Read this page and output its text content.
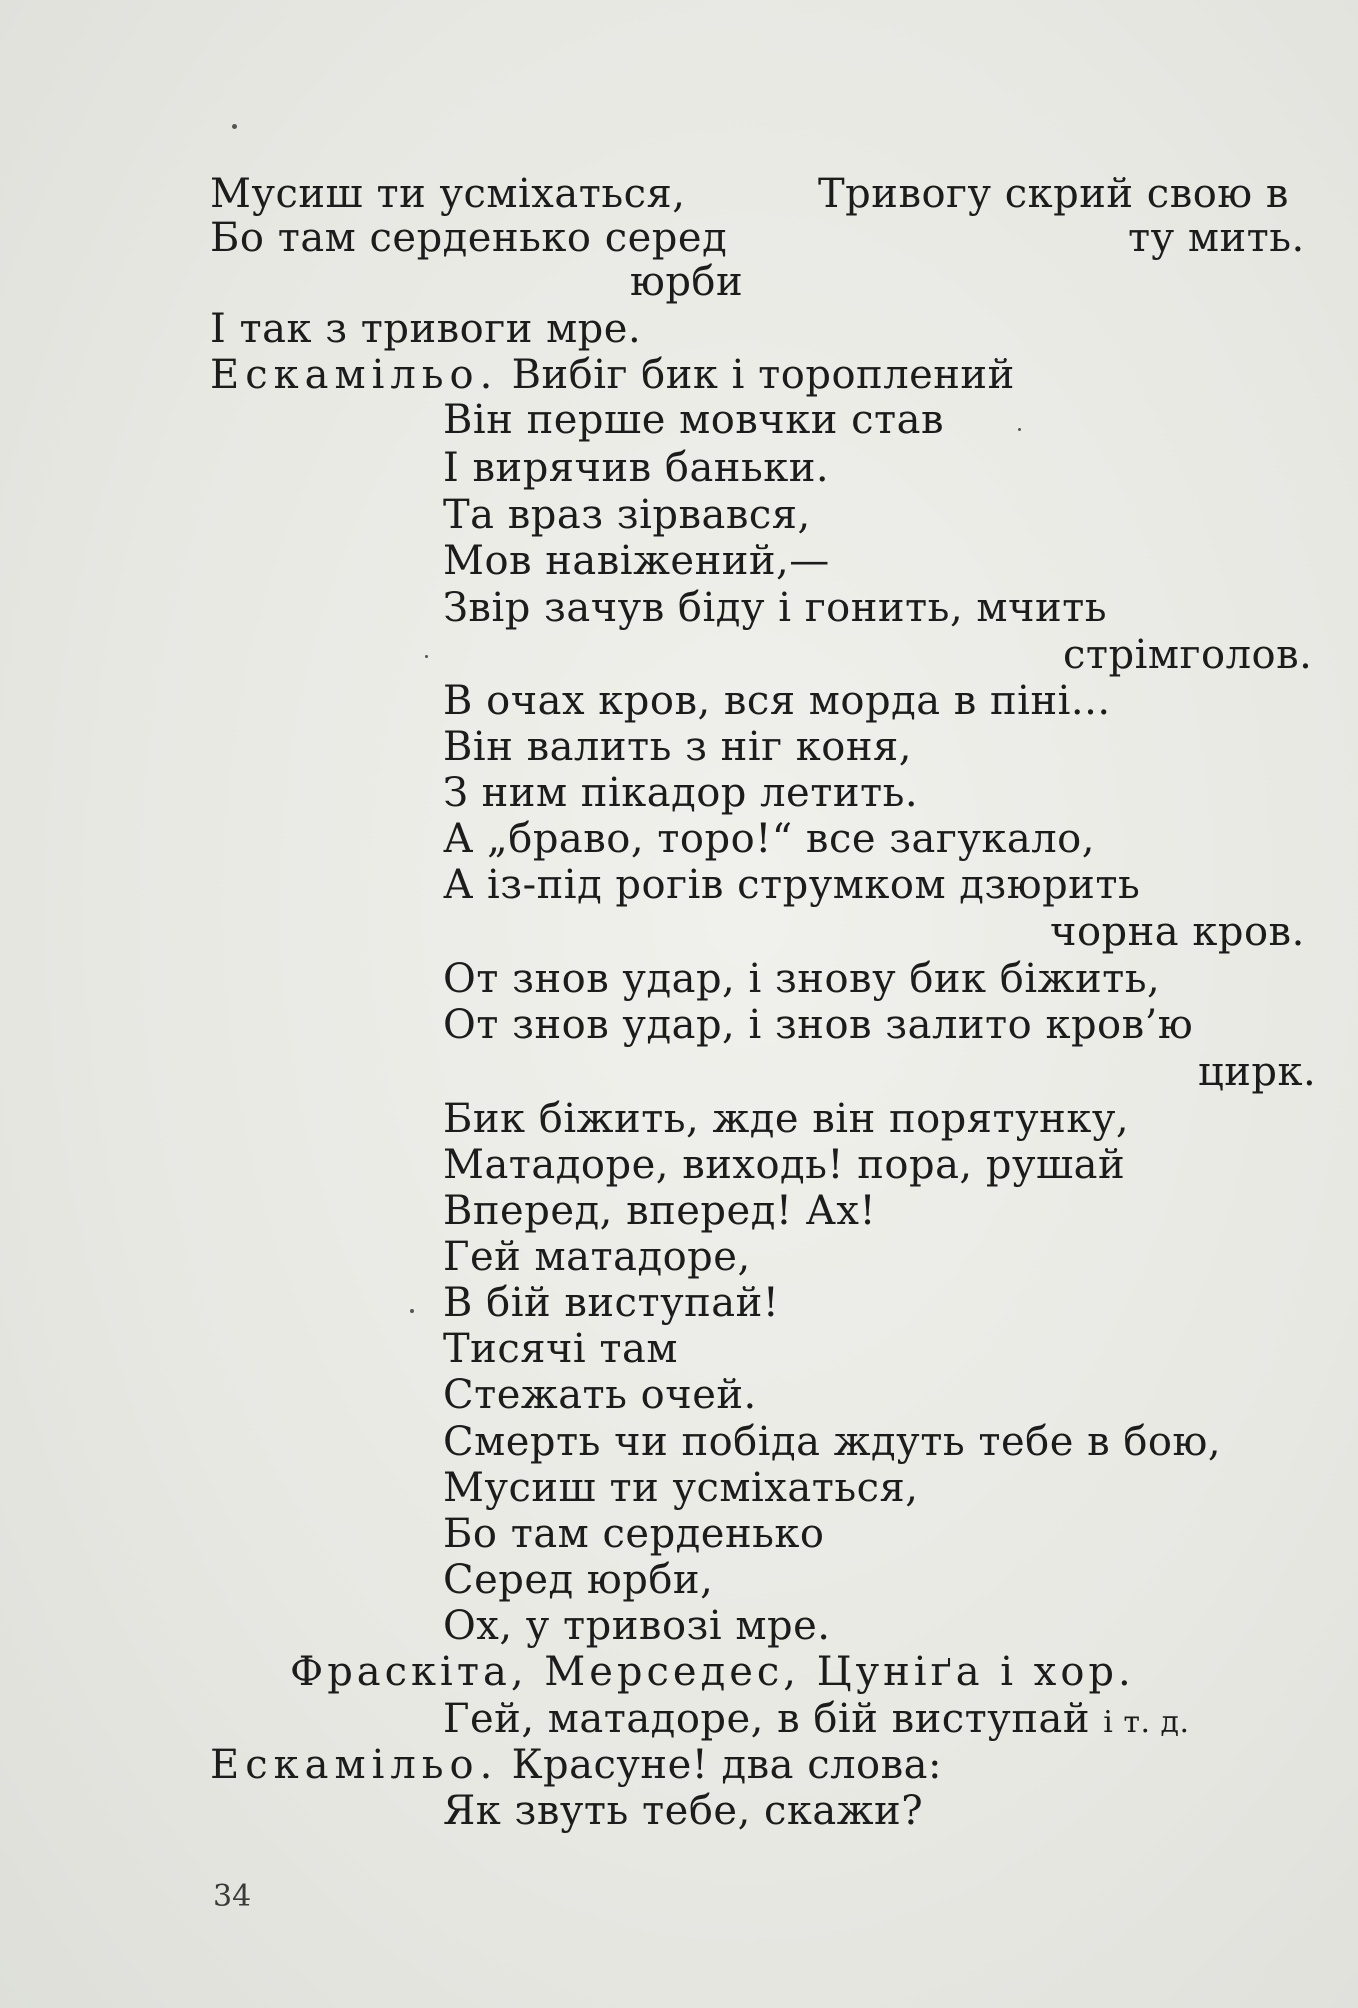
Мусиш ти усміхаться,	Тривогу скрий свою в
Бо там серденько серед	ту мить.
юрби
І так з тривоги мре.
Ескамільо. Вибіг бик і тороплений
Він перше мовчки став
І вирячив баньки.
Та враз зірвався,
Мов навіжений,—
Звір зачув біду і гонить, мчить
стрімголов.
В очах кров, вся морда в піні...
Він валить з ніг коня,
З ним пікадор летить.
А „браво, торо!“ все загукало,
А із-під рогів струмком дзюрить
чорна кров.
От знов удар, і знову бик біжить,
От знов удар, і знов залито кров’ю
цирк.
Бик біжить, жде він порятунку,
Матадоре, виходь! пора, рушай
Вперед, вперед! Ах!
Гей матадоре,
В бій виступай!
Тисячі там
Стежать очей.
Смерть чи побіда ждуть тебе в бою,
Мусиш ти усміхаться,
Бо там серденько
Серед юрби,
Ох, у тривозі мре.
Фраскіта, Мерседес, Цуніґа і хор.
Гей, матадоре, в бій виступай і т. д.
Ескамільо. Красуне! два слова:
Як звуть тебе, скажи?
34
